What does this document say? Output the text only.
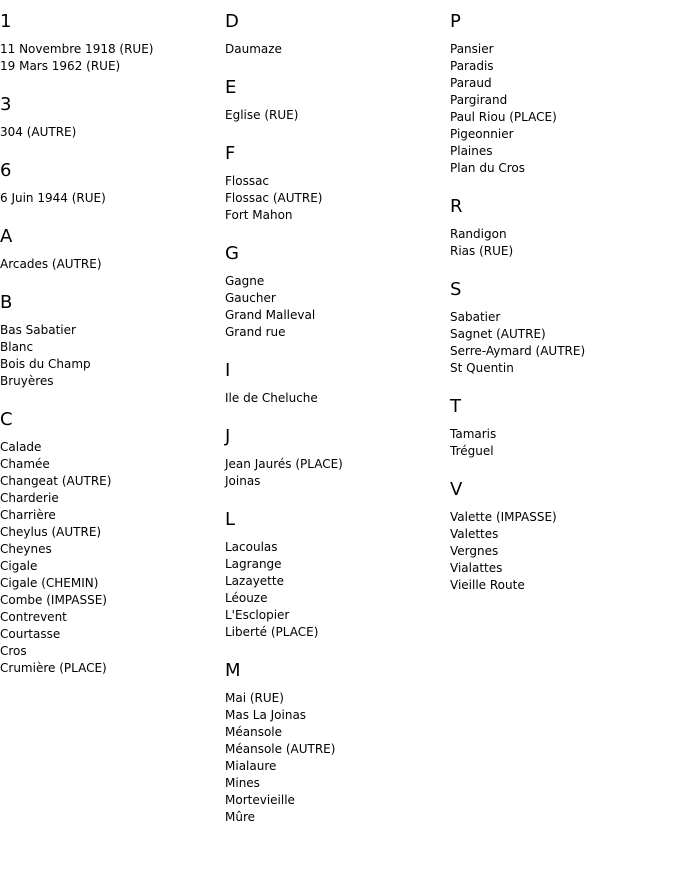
1
11 Novembre 1918 (RUE)
19 Mars 1962 (RUE)
3
304 (AUTRE)
6
6 Juin 1944 (RUE)
A
Arcades (AUTRE)
B
Bas Sabatier
Blanc
Bois du Champ
Bruyères
C
Calade
Chamée
Changeat (AUTRE)
Charderie
Charrière
Cheylus (AUTRE)
Cheynes
Cigale
Cigale (CHEMIN)
Combe (IMPASSE)
Contrevent
Courtasse
Cros
Crumière (PLACE)
D
Daumaze
E
Eglise (RUE)
F
Flossac
Flossac (AUTRE)
Fort Mahon
G
Gagne
Gaucher
Grand Malleval
Grand rue
I
Ile de Cheluche
J
Jean Jaurés (PLACE)
Joinas
L
Lacoulas
Lagrange
Lazayette
Léouze
L'Esclopier
Liberté (PLACE)
M
Mai (RUE)
Mas La Joinas
Méansole
Méansole (AUTRE)
Mialaure
Mines
Mortevieille
Mûre
P
Pansier
Paradis
Paraud
Pargirand
Paul Riou (PLACE)
Pigeonnier
Plaines
Plan du Cros
R
Randigon
Rias (RUE)
S
Sabatier
Sagnet (AUTRE)
Serre-Aymard (AUTRE)
St Quentin
T
Tamaris
Tréguel
V
Valette (IMPASSE)
Valettes
Vergnes
Vialattes
Vieille Route
